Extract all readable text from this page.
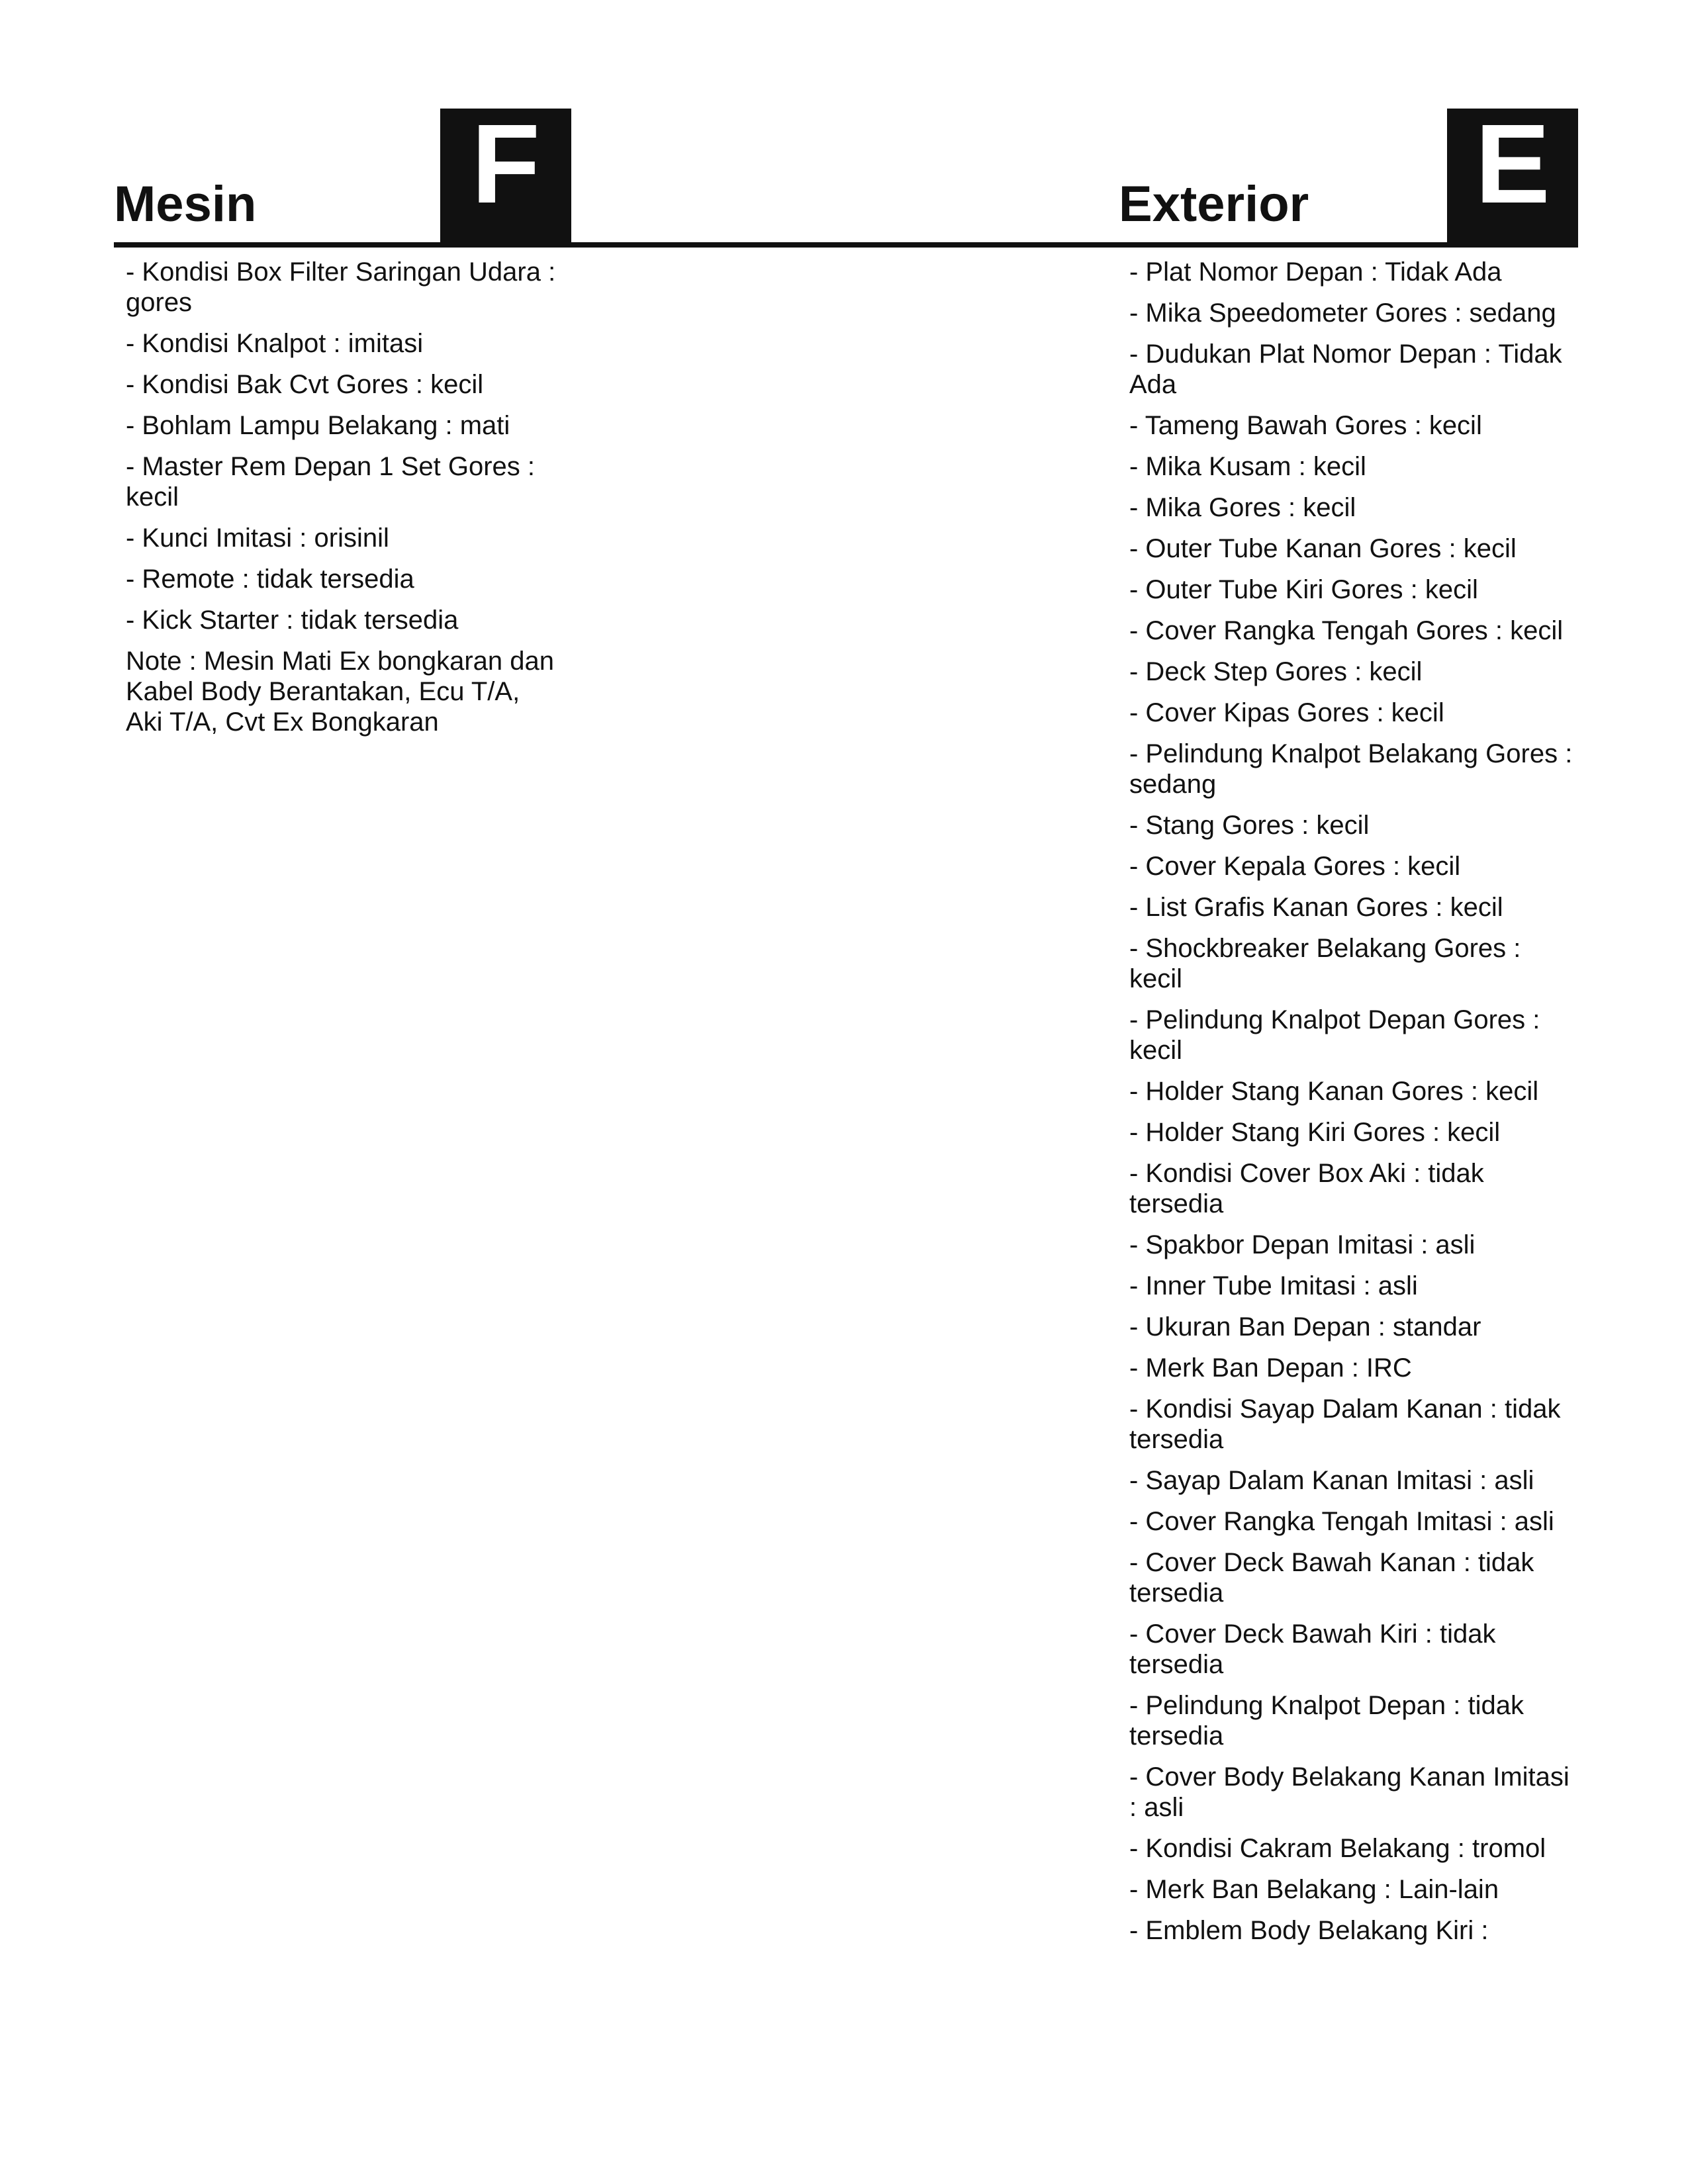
Mesin F
- Kondisi Box Filter Saringan Udara : gores
- Kondisi Knalpot : imitasi
- Kondisi Bak Cvt Gores : kecil
- Bohlam Lampu Belakang : mati
- Master Rem Depan 1 Set Gores : kecil
- Kunci Imitasi : orisinil
- Remote : tidak tersedia
- Kick Starter : tidak tersedia
Note : Mesin Mati Ex bongkaran dan Kabel Body Berantakan, Ecu T/A, Aki T/A, Cvt Ex Bongkaran
Exterior E
- Plat Nomor Depan : Tidak Ada
- Mika Speedometer Gores : sedang
- Dudukan Plat Nomor Depan : Tidak Ada
- Tameng Bawah Gores : kecil
- Mika Kusam : kecil
- Mika Gores : kecil
- Outer Tube Kanan Gores : kecil
- Outer Tube Kiri Gores : kecil
- Cover Rangka Tengah Gores : kecil
- Deck Step Gores : kecil
- Cover Kipas Gores : kecil
- Pelindung Knalpot Belakang Gores : sedang
- Stang Gores : kecil
- Cover Kepala Gores : kecil
- List Grafis Kanan Gores : kecil
- Shockbreaker Belakang Gores : kecil
- Pelindung Knalpot Depan Gores : kecil
- Holder Stang Kanan Gores : kecil
- Holder Stang Kiri Gores : kecil
- Kondisi Cover Box Aki : tidak tersedia
- Spakbor Depan Imitasi : asli
- Inner Tube Imitasi : asli
- Ukuran Ban Depan : standar
- Merk Ban Depan : IRC
- Kondisi Sayap Dalam Kanan : tidak tersedia
- Sayap Dalam Kanan Imitasi : asli
- Cover Rangka Tengah Imitasi : asli
- Cover Deck Bawah Kanan : tidak tersedia
- Cover Deck Bawah Kiri : tidak tersedia
- Pelindung Knalpot Depan : tidak tersedia
- Cover Body Belakang Kanan Imitasi : asli
- Kondisi Cakram Belakang : tromol
- Merk Ban Belakang : Lain-lain
- Emblem Body Belakang Kiri :
